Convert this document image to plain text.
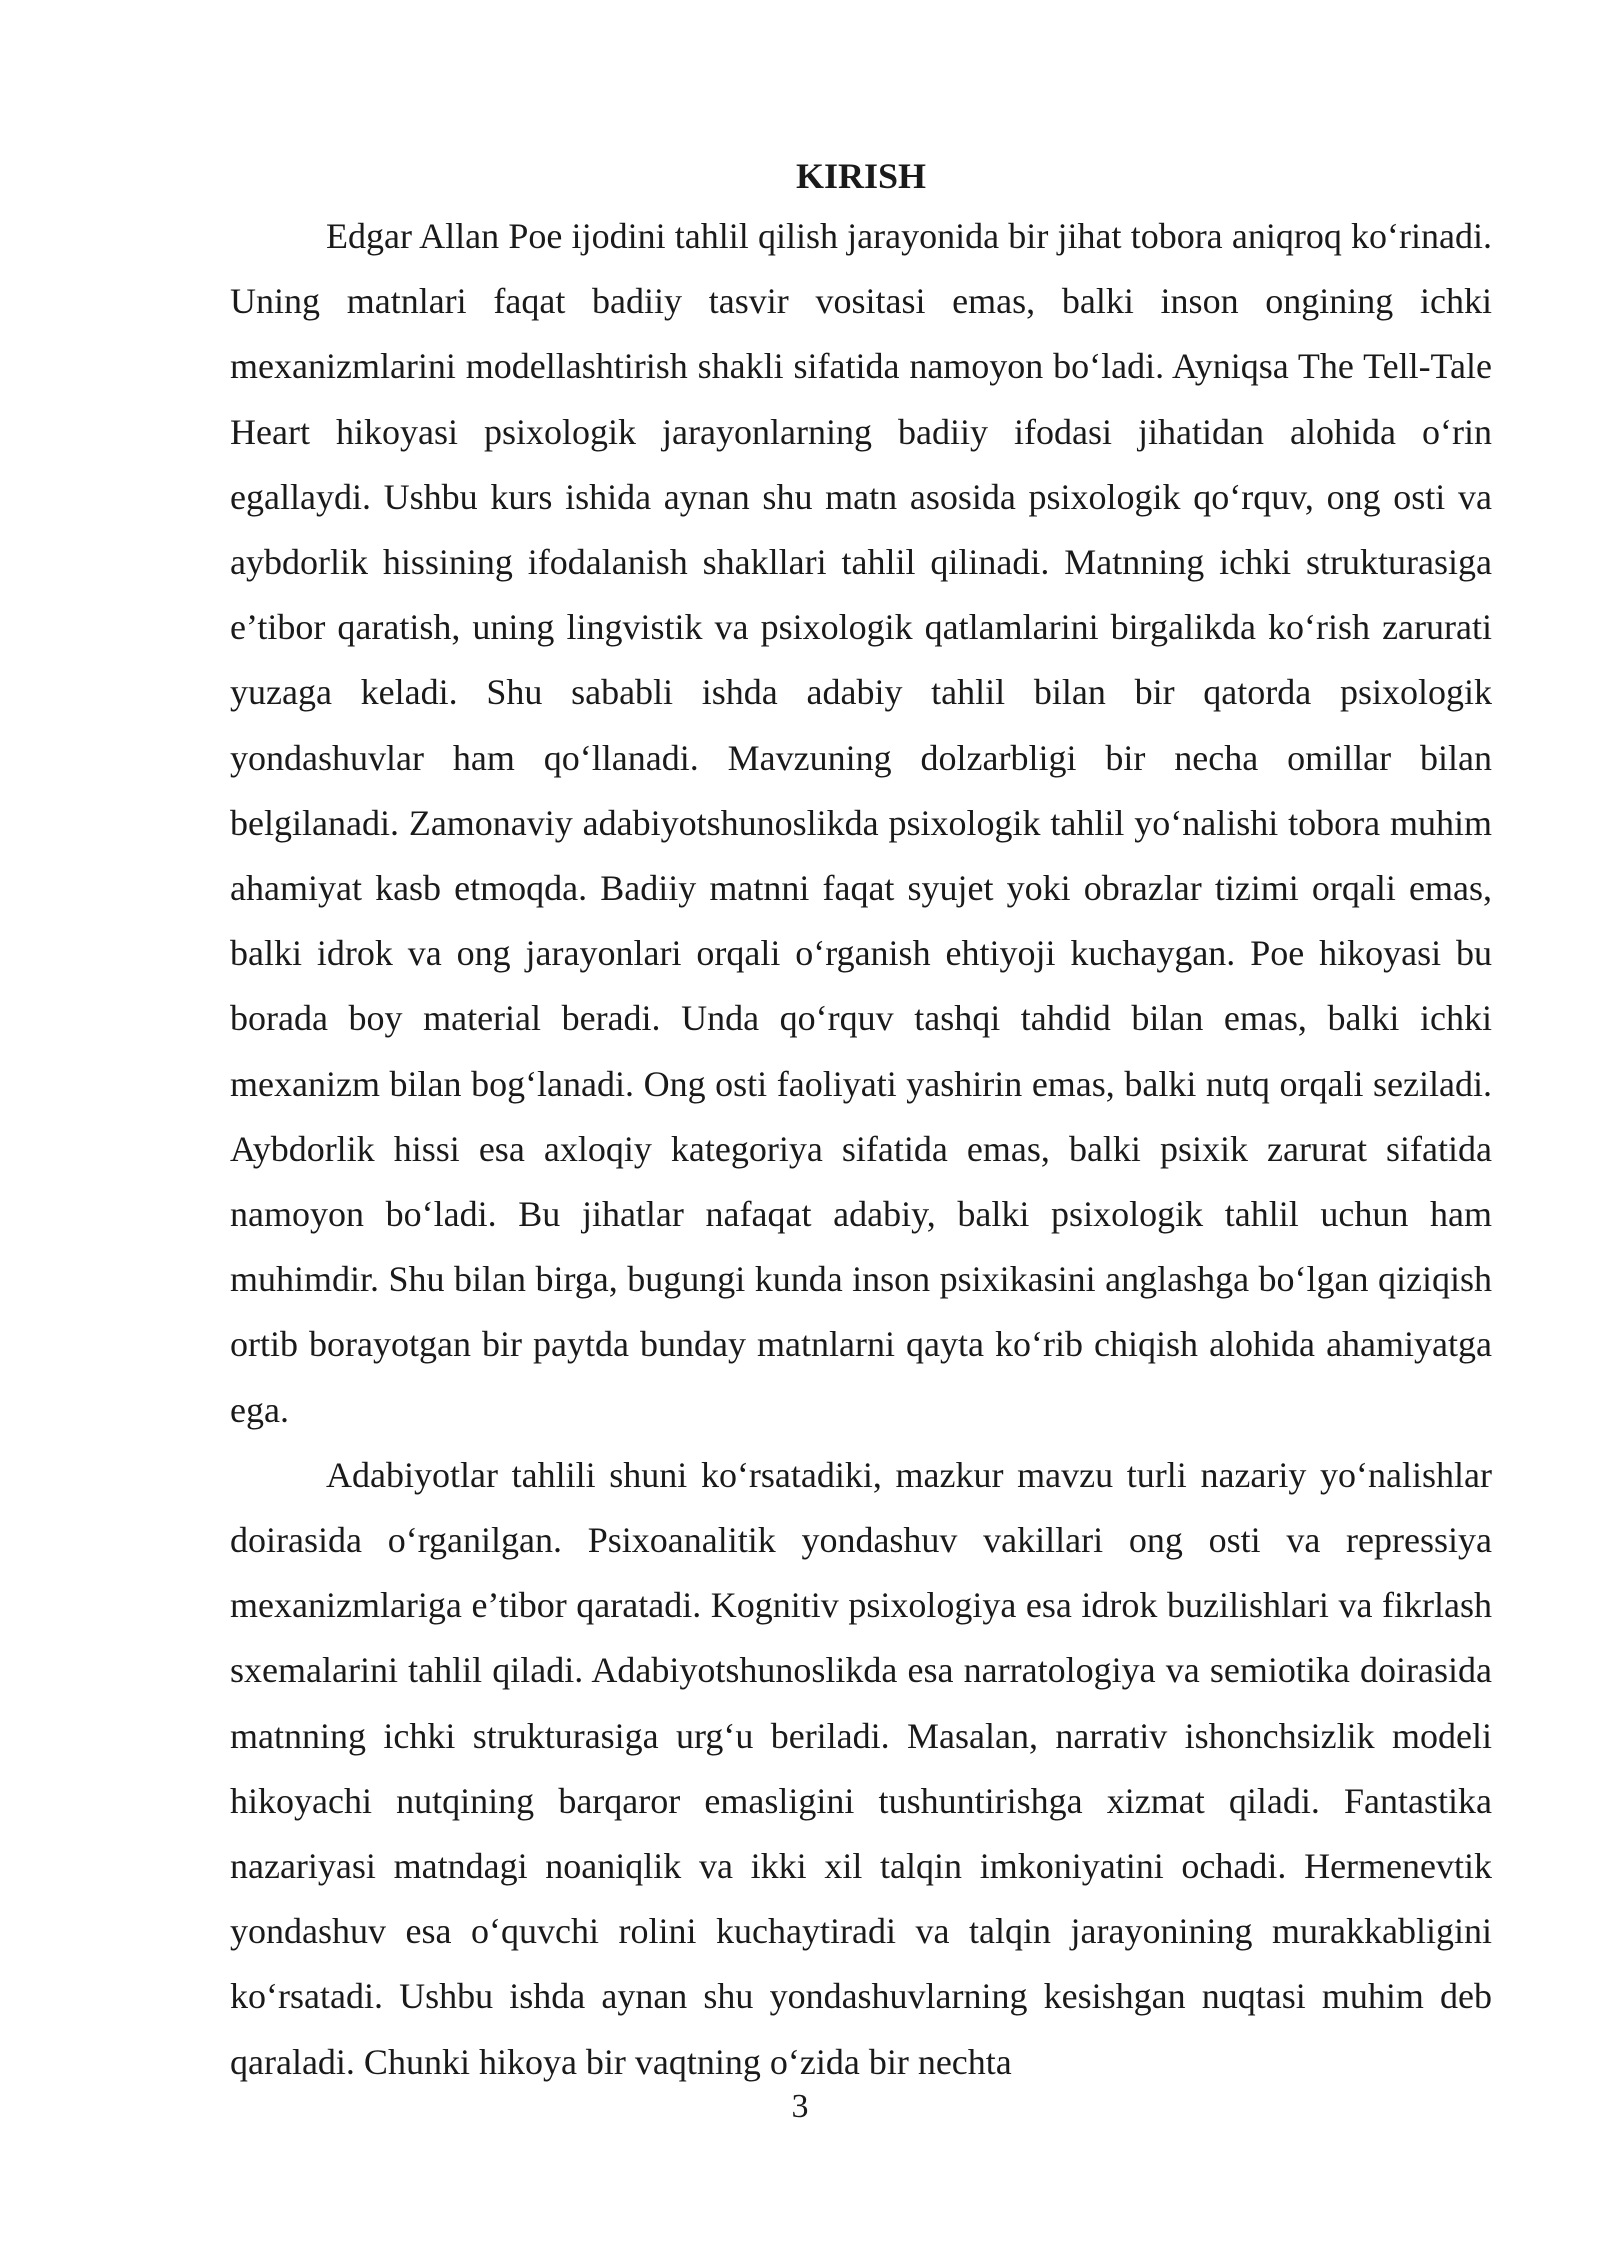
KIRISH

Edgar Allan Poe ijodini tahlil qilish jarayonida bir jihat tobora aniqroq ko‘rinadi. Uning matnlari faqat badiiy tasvir vositasi emas, balki inson ongining ichki mexanizmlarini modellashtirish shakli sifatida namoyon bo‘ladi. Ayniqsa The Tell-Tale Heart hikoyasi psixologik jarayonlarning badiiy ifodasi jihatidan alohida o‘rin egallaydi. Ushbu kurs ishida aynan shu matn asosida psixologik qo‘rquv, ong osti va aybdorlik hissining ifodalanish shakllari tahlil qilinadi. Matnning ichki strukturasiga e’tibor qaratish, uning lingvistik va psixologik qatlamlarini birgalikda ko‘rish zarurati yuzaga keladi. Shu sababli ishda adabiy tahlil bilan bir qatorda psixologik yondashuvlar ham qo‘llanadi. Mavzuning dolzarbligi bir necha omillar bilan belgilanadi. Zamonaviy adabiyotshunoslikda psixologik tahlil yo‘nalishi tobora muhim ahamiyat kasb etmoqda. Badiiy matnni faqat syujet yoki obrazlar tizimi orqali emas, balki idrok va ong jarayonlari orqali o‘rganish ehtiyoji kuchaygan. Poe hikoyasi bu borada boy material beradi. Unda qo‘rquv tashqi tahdid bilan emas, balki ichki mexanizm bilan bog‘lanadi. Ong osti faoliyati yashirin emas, balki nutq orqali seziladi. Aybdorlik hissi esa axloqiy kategoriya sifatida emas, balki psixik zarurat sifatida namoyon bo‘ladi. Bu jihatlar nafaqat adabiy, balki psixologik tahlil uchun ham muhimdir. Shu bilan birga, bugungi kunda inson psixikasini anglashga bo‘lgan qiziqish ortib borayotgan bir paytda bunday matnlarni qayta ko‘rib chiqish alohida ahamiyatga ega.

Adabiyotlar tahlili shuni ko‘rsatadiki, mazkur mavzu turli nazariy yo‘nalishlar doirasida o‘rganilgan. Psixoanalitik yondashuv vakillari ong osti va repressiya mexanizmlariga e’tibor qaratadi. Kognitiv psixologiya esa idrok buzilishlari va fikrlash sxemalarini tahlil qiladi. Adabiyotshunoslikda esa narratologiya va semiotika doirasida matnning ichki strukturasiga urg‘u beriladi. Masalan, narrativ ishonchsizlik modeli hikoyachi nutqining barqaror emasligini tushuntirishga xizmat qiladi. Fantastika nazariyasi matndagi noaniqlik va ikki xil talqin imkoniyatini ochadi. Hermenevtik yondashuv esa o‘quvchi rolini kuchaytiradi va talqin jarayonining murakkabligini ko‘rsatadi. Ushbu ishda aynan shu yondashuvlarning kesishgan nuqtasi muhim deb qaraladi. Chunki hikoya bir vaqtning o‘zida bir nechta

3
